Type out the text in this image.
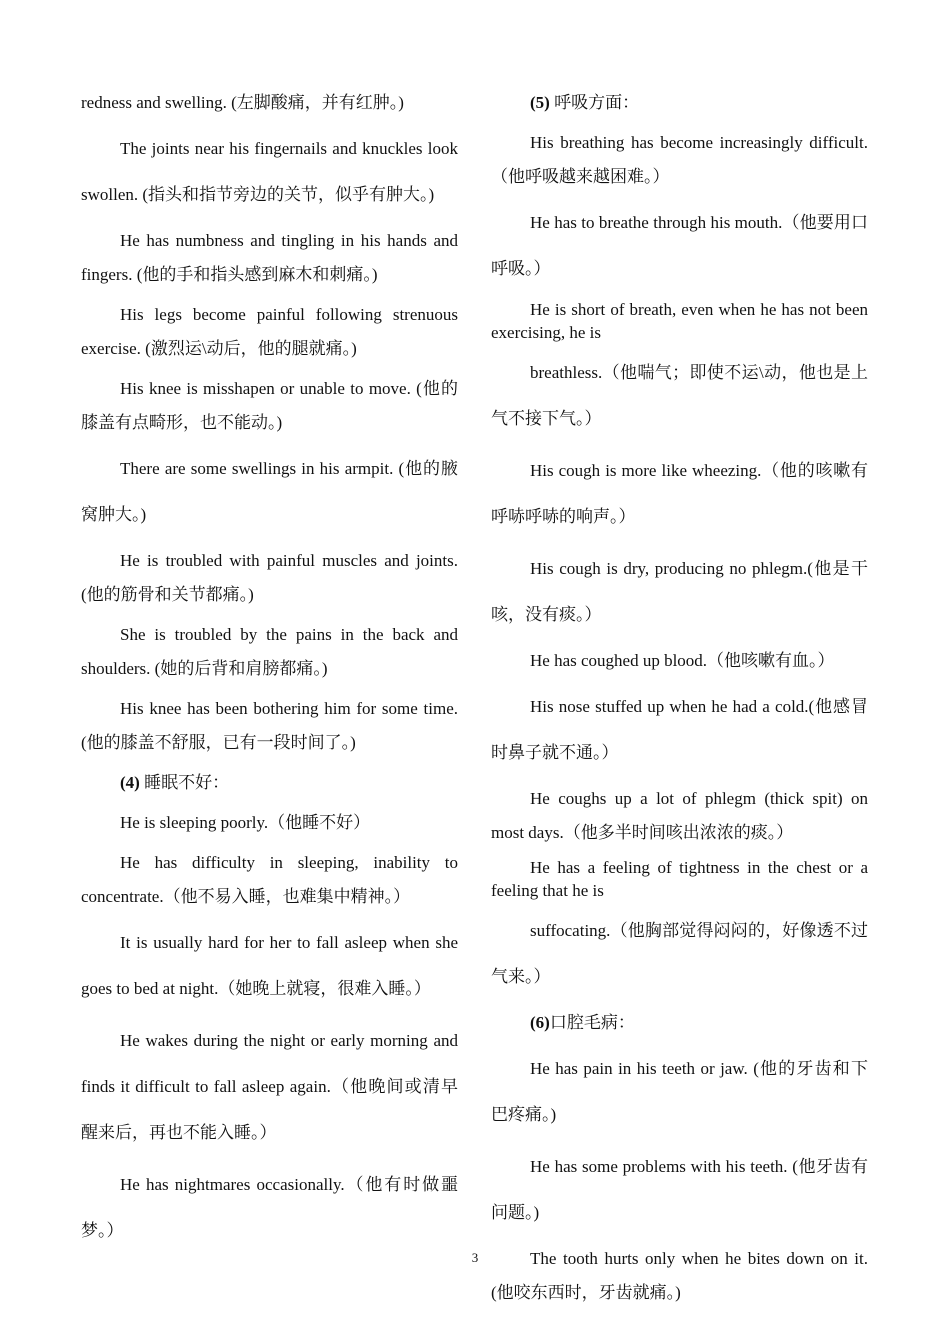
redness and swelling. (左脚酸痛，并有红肿。)

The joints near his fingernails and knuckles look swollen. (指头和指节旁边的关节，似乎有肿大。)

He has numbness and tingling in his hands and fingers. (他的手和指头感到麻木和刺痛。)

His legs become painful following strenuous exercise. (激烈运\动后，他的腿就痛。)

His knee is misshapen or unable to move. (他的膝盖有点畸形，也不能动。)

There are some swellings in his armpit. (他的腋窝肿大。)

He is troubled with painful muscles and joints. (他的筋骨和关节都痛。)

She is troubled by the pains in the back and shoulders. (她的后背和肩膀都痛。)

His knee has been bothering him for some time. (他的膝盖不舒服，已有一段时间了。)

(4) 睡眠不好：

He is sleeping poorly.（他睡不好）

He has difficulty in sleeping, inability to concentrate.（他不易入睡，也难集中精神。）

It is usually hard for her to fall asleep when she goes to bed at night.（她晚上就寝，很难入睡。）

He wakes during the night or early morning and finds it difficult to fall asleep again.（他晚间或清早醒来后，再也不能入睡。）

He has nightmares occasionally.（他有时做噩梦。）

(5) 呼吸方面：

His breathing has become increasingly difficult.（他呼吸越来越困难。）

He has to breathe through his mouth.（他要用口呼吸。）

He is short of breath, even when he has not been exercising, he is

breathless.（他喘气；即使不运\动，他也是上气不接下气。）

His cough is more like wheezing.（他的咳嗽有呼哧呼哧的响声。）

His cough is dry, producing no phlegm.(他是干咳，没有痰。）

He has coughed up blood.（他咳嗽有血。）

His nose stuffed up when he had a cold.(他感冒时鼻子就不通。）

He coughs up a lot of phlegm (thick spit) on most days.（他多半时间咳出浓浓的痰。）

He has a feeling of tightness in the chest or a feeling that he is

suffocating.（他胸部觉得闷闷的，好像透不过气来。）

(6)口腔毛病：

He has pain in his teeth or jaw. (他的牙齿和下巴疼痛。)

He has some problems with his teeth. (他牙齿有问题。)

The tooth hurts only when he bites down on it. (他咬东西时，牙齿就痛。)

3
